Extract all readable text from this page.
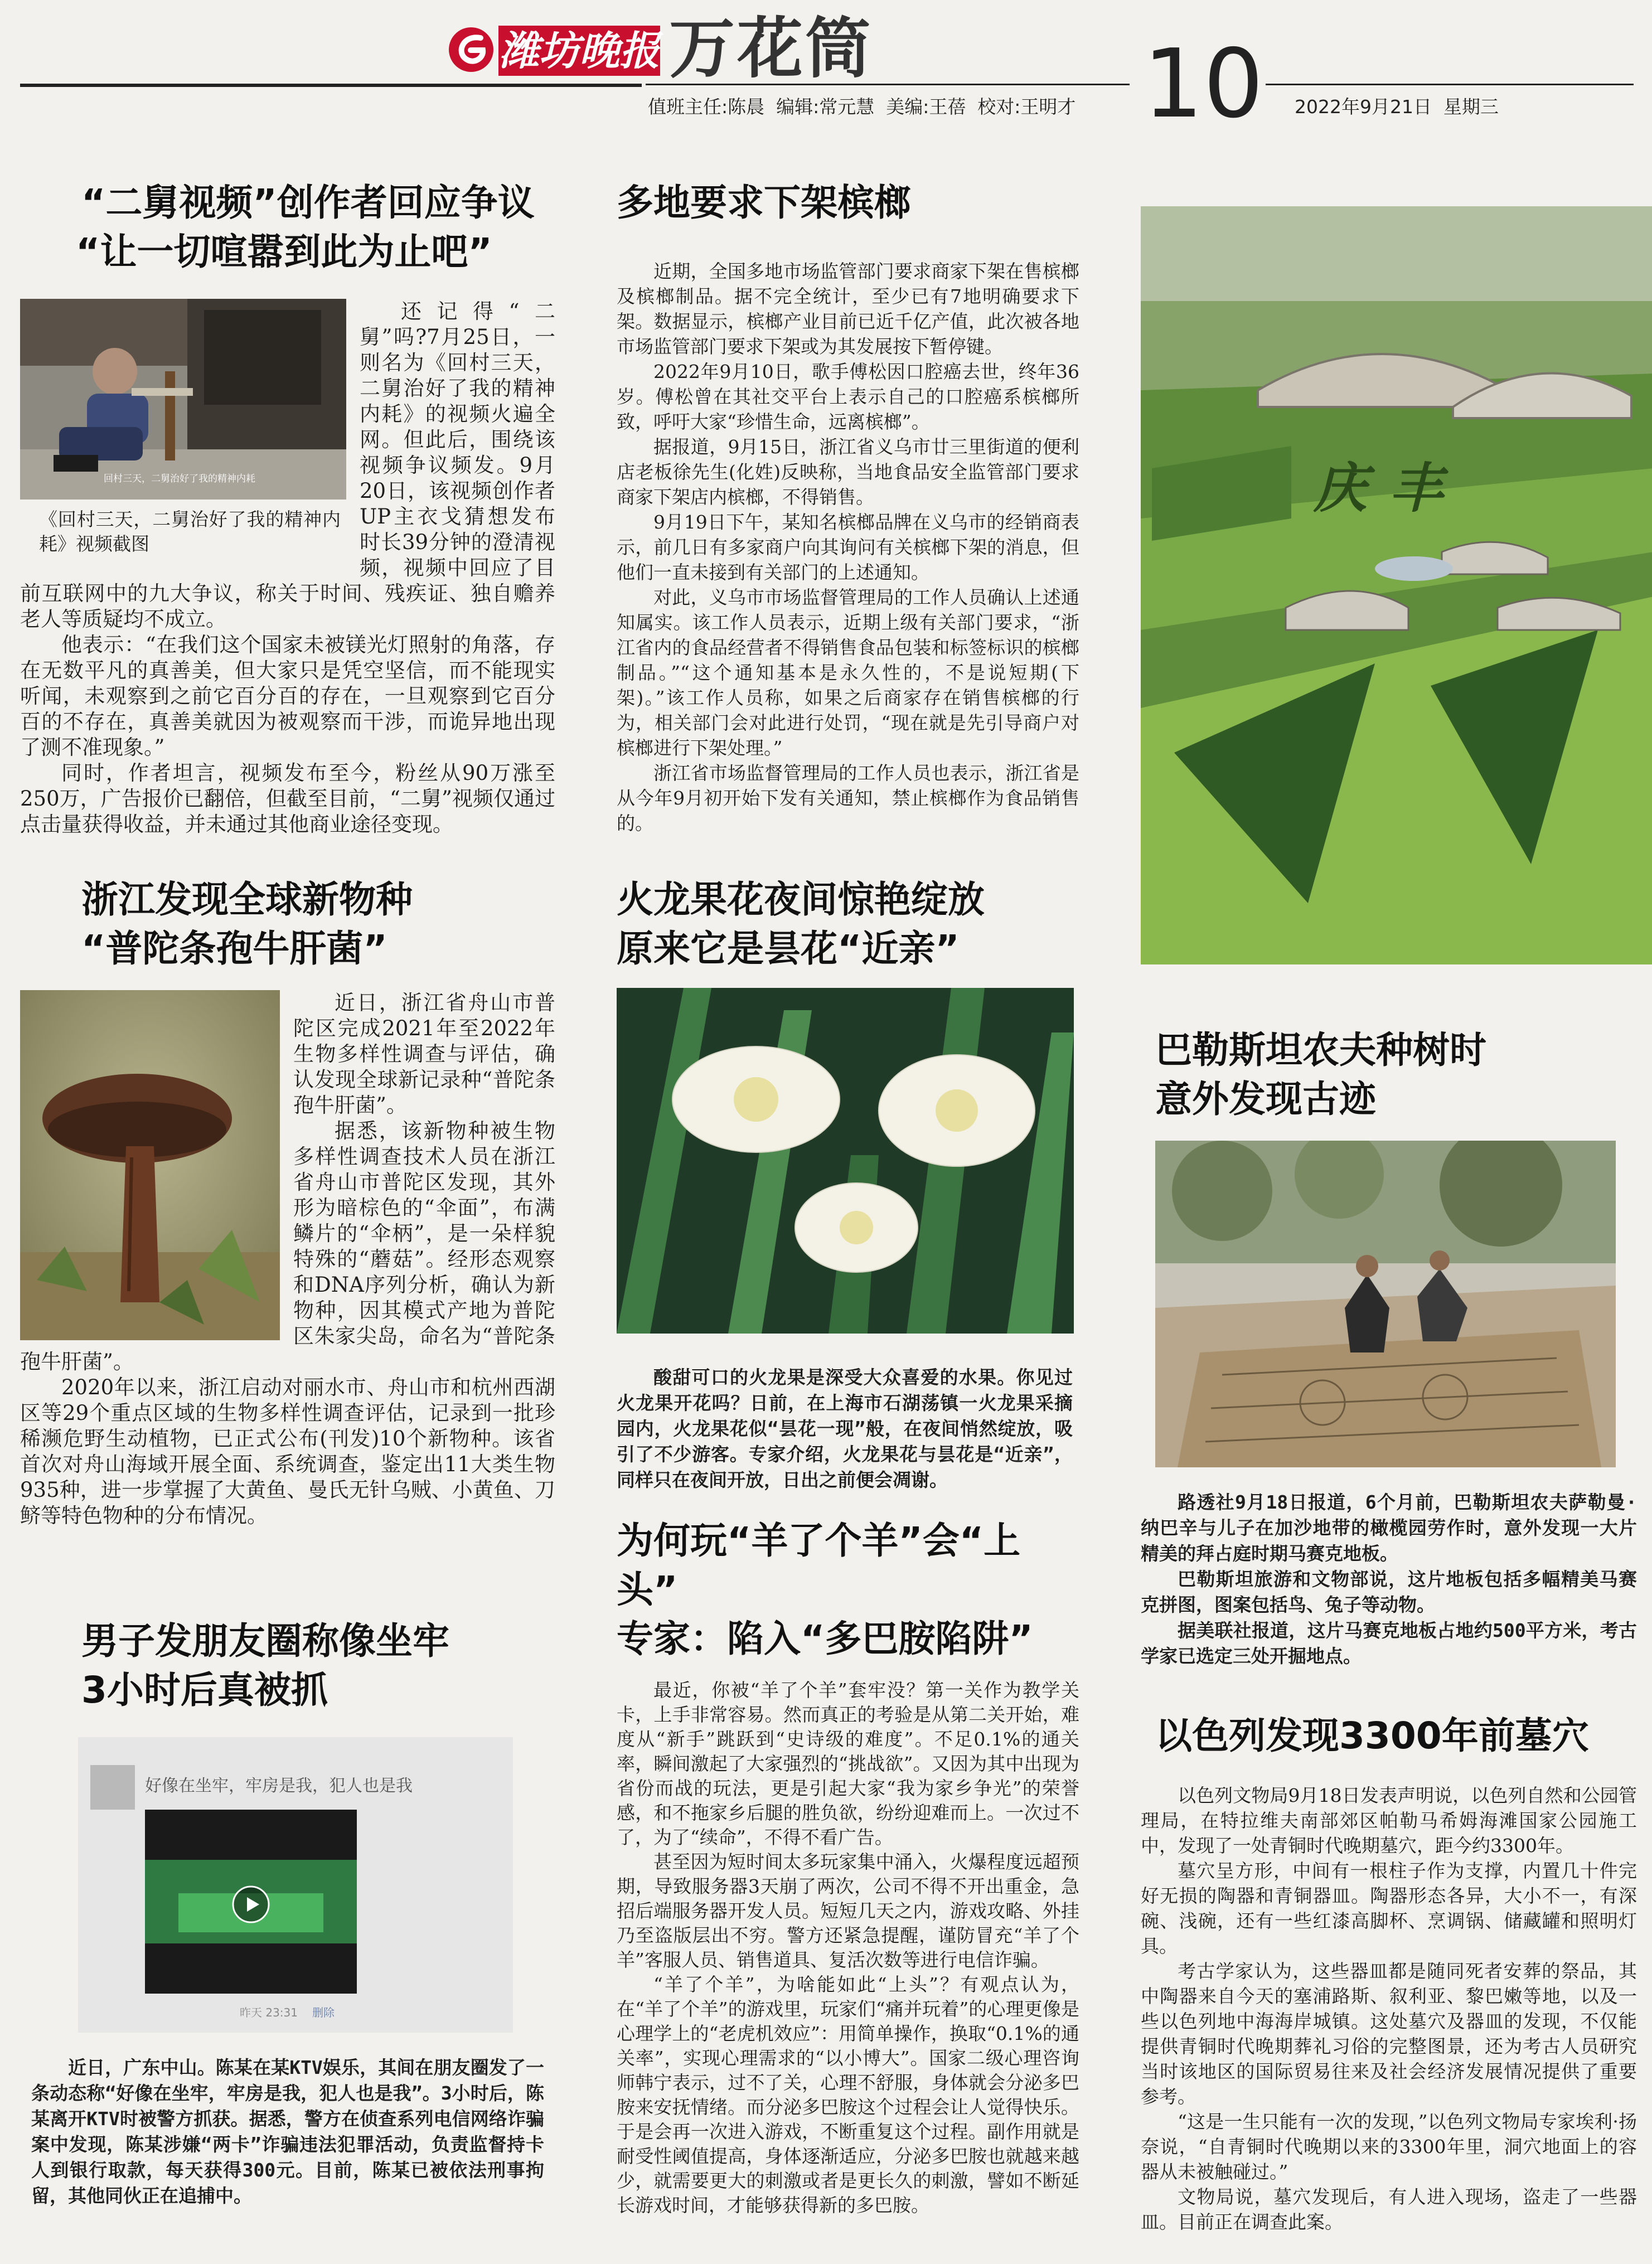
潍坊晚报 万花筒
值班主任:陈晨  编辑:常元慧  美编:王蓓  校对:王明才 10 2022年9月21日  星期三
“二舅视频”创作者回应争议
“让一切喧嚣到此为止吧”
回村三天，二舅治好了我的精神内耗
《回村三天，二舅治好了我的精神内耗》视频截图

还记得“二舅”吗?7月25日，一则名为《回村三天，二舅治好了我的精神内耗》的视频火遍全网。但此后，围绕该视频争议频发。9月20日，该视频创作者UP主衣戈猜想发布时长39分钟的澄清视频，视频中回应了目前互联网中的九大争议，称关于时间、残疾证、独自赡养老人等质疑均不成立。

他表示：“在我们这个国家未被镁光灯照射的角落，存在无数平凡的真善美，但大家只是凭空坚信，而不能现实听闻，未观察到之前它百分百的存在，一旦观察到它百分百的不存在，真善美就因为被观察而干涉，而诡异地出现了测不准现象。”

同时，作者坦言，视频发布至今，粉丝从90万涨至250万，广告报价已翻倍，但截至目前，“二舅”视频仅通过点击量获得收益，并未通过其他商业途径变现。

浙江发现全球新物种
“普陀条孢牛肝菌”

近日，浙江省舟山市普陀区完成2021年至2022年生物多样性调查与评估，确认发现全球新记录种“普陀条孢牛肝菌”。

据悉，该新物种被生物多样性调查技术人员在浙江省舟山市普陀区发现，其外形为暗棕色的“伞面”，布满鳞片的“伞柄”，是一朵样貌特殊的“蘑菇”。经形态观察和DNA序列分析，确认为新物种，因其模式产地为普陀区朱家尖岛，命名为“普陀条孢牛肝菌”。

2020年以来，浙江启动对丽水市、舟山市和杭州西湖区等29个重点区域的生物多样性调查评估，记录到一批珍稀濒危野生动植物，已正式公布(刊发)10个新物种。该省首次对舟山海域开展全面、系统调查，鉴定出11大类生物935种，进一步掌握了大黄鱼、曼氏无针乌贼、小黄鱼、刀鲚等特色物种的分布情况。

男子发朋友圈称像坐牢
3小时后真被抓
好像在坐牢，牢房是我，犯人也是我
昨天 23:31 删除

近日，广东中山。陈某在某KTV娱乐，其间在朋友圈发了一条动态称“好像在坐牢，牢房是我，犯人也是我”。3小时后，陈某离开KTV时被警方抓获。据悉，警方在侦查系列电信网络诈骗案中发现，陈某涉嫌“两卡”诈骗违法犯罪活动，负责监督持卡人到银行取款，每天获得300元。目前，陈某已被依法刑事拘留，其他同伙正在追捕中。

多地要求下架槟榔

近期，全国多地市场监管部门要求商家下架在售槟榔及槟榔制品。据不完全统计，至少已有7地明确要求下架。数据显示，槟榔产业目前已近千亿产值，此次被各地市场监管部门要求下架或为其发展按下暂停键。

2022年9月10日，歌手傅松因口腔癌去世，终年36岁。傅松曾在其社交平台上表示自己的口腔癌系槟榔所致，呼吁大家“珍惜生命，远离槟榔”。

据报道，9月15日，浙江省义乌市廿三里街道的便利店老板徐先生(化姓)反映称，当地食品安全监管部门要求商家下架店内槟榔，不得销售。

9月19日下午，某知名槟榔品牌在义乌市的经销商表示，前几日有多家商户向其询问有关槟榔下架的消息，但他们一直未接到有关部门的上述通知。

对此，义乌市市场监督管理局的工作人员确认上述通知属实。该工作人员表示，近期上级有关部门要求，“浙江省内的食品经营者不得销售食品包装和标签标识的槟榔制品。”“这个通知基本是永久性的，不是说短期(下架)。”该工作人员称，如果之后商家存在销售槟榔的行为，相关部门会对此进行处罚，“现在就是先引导商户对槟榔进行下架处理。”

浙江省市场监督管理局的工作人员也表示，浙江省是从今年9月初开始下发有关通知，禁止槟榔作为食品销售的。

火龙果花夜间惊艳绽放
原来它是昙花“近亲”

酸甜可口的火龙果是深受大众喜爱的水果。你见过火龙果开花吗？日前，在上海市石湖荡镇一火龙果采摘园内，火龙果花似“昙花一现”般，在夜间悄然绽放，吸引了不少游客。专家介绍，火龙果花与昙花是“近亲”，同样只在夜间开放，日出之前便会凋谢。

为何玩“羊了个羊”会“上头”
专家：陷入“多巴胺陷阱”

最近，你被“羊了个羊”套牢没？第一关作为教学关卡，上手非常容易。然而真正的考验是从第二关开始，难度从“新手”跳跃到“史诗级的难度”。不足0.1%的通关率，瞬间激起了大家强烈的“挑战欲”。又因为其中出现为省份而战的玩法，更是引起大家“我为家乡争光”的荣誉感，和不拖家乡后腿的胜负欲，纷纷迎难而上。一次过不了，为了“续命”，不得不看广告。

甚至因为短时间太多玩家集中涌入，火爆程度远超预期，导致服务器3天崩了两次，公司不得不开出重金，急招后端服务器开发人员。短短几天之内，游戏攻略、外挂乃至盗版层出不穷。警方还紧急提醒，谨防冒充“羊了个羊”客服人员、销售道具、复活次数等进行电信诈骗。

“羊了个羊”，为啥能如此“上头”？有观点认为，在“羊了个羊”的游戏里，玩家们“痛并玩着”的心理更像是心理学上的“老虎机效应”：用简单操作，换取“0.1%的通关率”，实现心理需求的“以小博大”。国家二级心理咨询师韩宁表示，过不了关，心理不舒服，身体就会分泌多巴胺来安抚情绪。而分泌多巴胺这个过程会让人觉得快乐。于是会再一次进入游戏，不断重复这个过程。副作用就是耐受性阈值提高，身体逐渐适应，分泌多巴胺也就越来越少，就需要更大的刺激或者是更长久的刺激，譬如不断延长游戏时间，才能够获得新的多巴胺。

庆丰
巴勒斯坦农夫种树时
意外发现古迹

路透社9月18日报道，6个月前，巴勒斯坦农夫萨勒曼·纳巴辛与儿子在加沙地带的橄榄园劳作时，意外发现一大片精美的拜占庭时期马赛克地板。

巴勒斯坦旅游和文物部说，这片地板包括多幅精美马赛克拼图，图案包括鸟、兔子等动物。

据美联社报道，这片马赛克地板占地约500平方米，考古学家已选定三处开掘地点。

以色列发现3300年前墓穴

以色列文物局9月18日发表声明说，以色列自然和公园管理局，在特拉维夫南部郊区帕勒马希姆海滩国家公园施工中，发现了一处青铜时代晚期墓穴，距今约3300年。

墓穴呈方形，中间有一根柱子作为支撑，内置几十件完好无损的陶器和青铜器皿。陶器形态各异，大小不一，有深碗、浅碗，还有一些红漆高脚杯、烹调锅、储藏罐和照明灯具。

考古学家认为，这些器皿都是随同死者安葬的祭品，其中陶器来自今天的塞浦路斯、叙利亚、黎巴嫩等地，以及一些以色列地中海海岸城镇。这处墓穴及器皿的发现，不仅能提供青铜时代晚期葬礼习俗的完整图景，还为考古人员研究当时该地区的国际贸易往来及社会经济发展情况提供了重要参考。

“这是一生只能有一次的发现，”以色列文物局专家埃利·扬奈说，“自青铜时代晚期以来的3300年里，洞穴地面上的容器从未被触碰过。”

文物局说，墓穴发现后，有人进入现场，盗走了一些器皿。目前正在调查此案。
